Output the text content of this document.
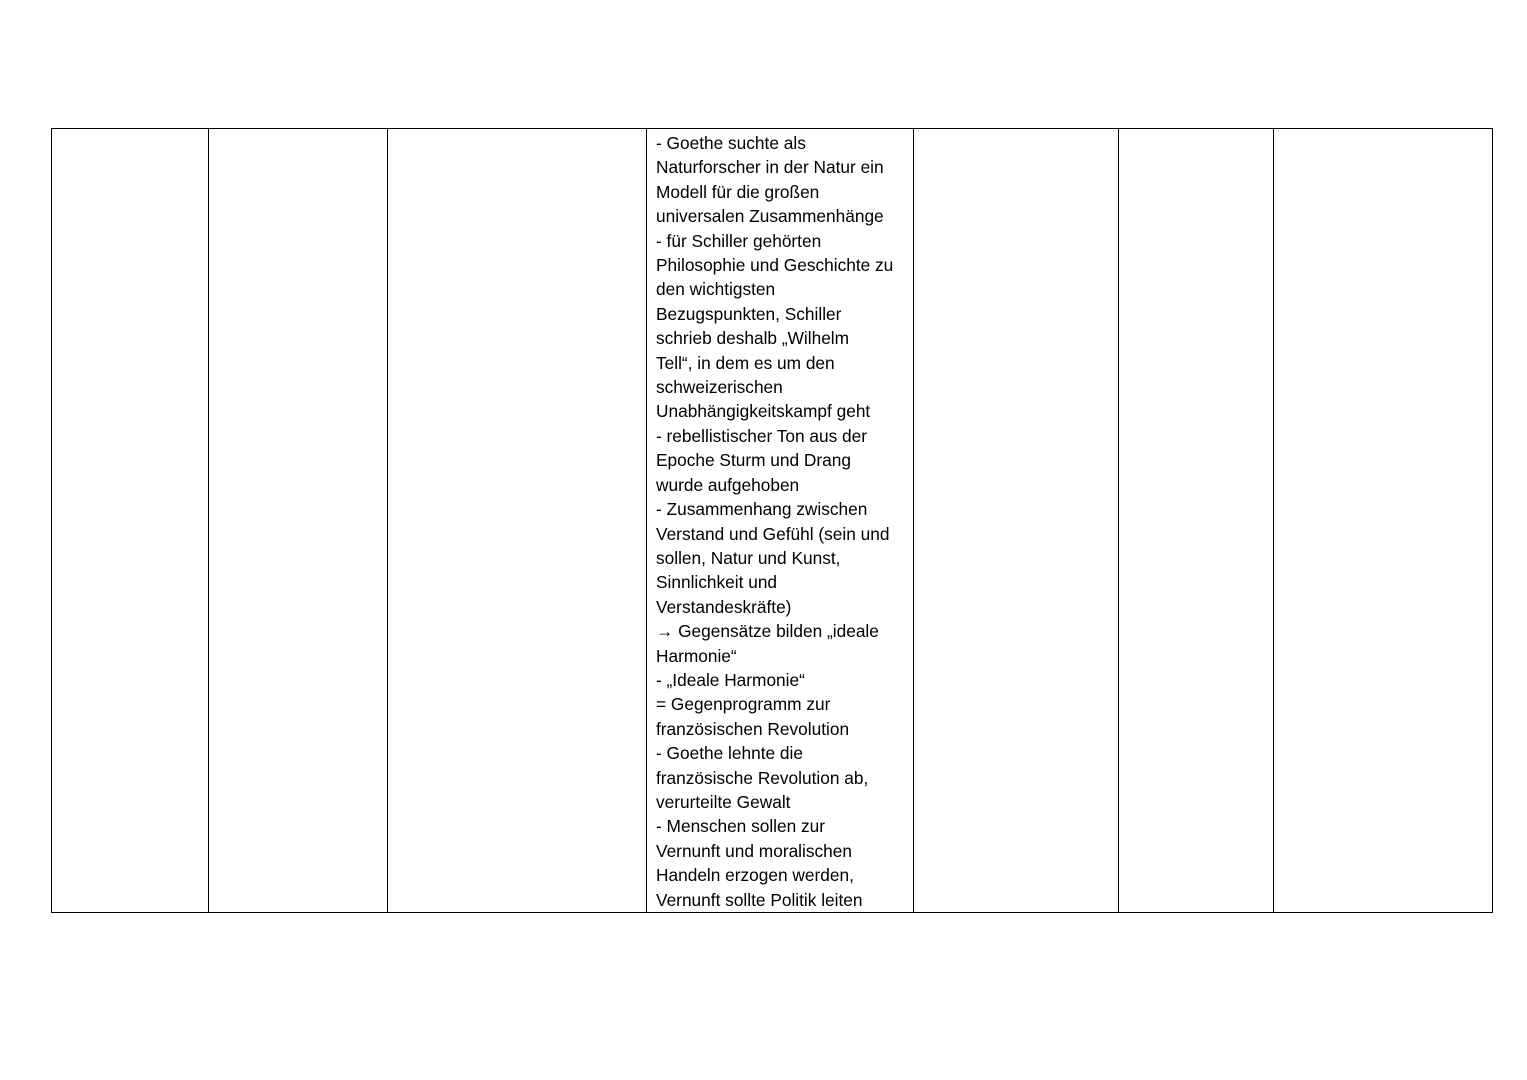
- Goethe suchte als
Naturforscher in der Natur ein
Modell für die großen
universalen Zusammenhänge
- für Schiller gehörten
Philosophie und Geschichte zu
den wichtigsten
Bezugspunkten, Schiller
schrieb deshalb „Wilhelm
Tell“, in dem es um den
schweizerischen
Unabhängigkeitskampf geht
- rebellistischer Ton aus der
Epoche Sturm und Drang
wurde aufgehoben
- Zusammenhang zwischen
Verstand und Gefühl (sein und
sollen, Natur und Kunst,
Sinnlichkeit und
Verstandeskräfte)
→ Gegensätze bilden „ideale
Harmonie“
- „Ideale Harmonie“
= Gegenprogramm zur
französischen Revolution
- Goethe lehnte die
französische Revolution ab,
verurteilte Gewalt
- Menschen sollen zur
Vernunft und moralischen
Handeln erzogen werden,
Vernunft sollte Politik leiten
